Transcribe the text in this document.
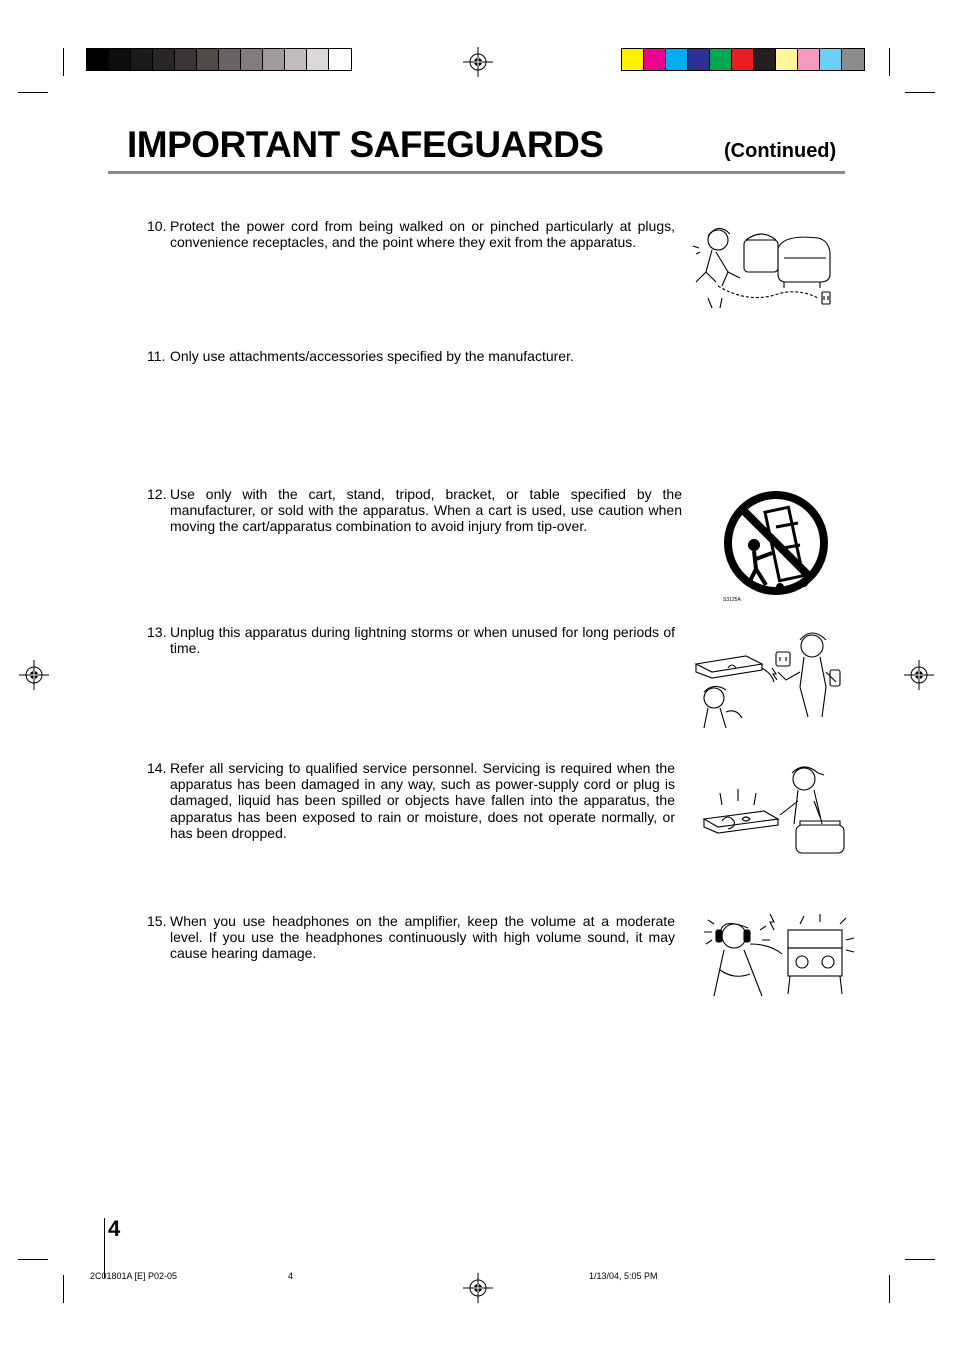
IMPORTANT SAFEGUARDS	(Continued)
10. Protect the power cord from being walked on or pinched particularly at plugs, convenience receptacles, and the point where they exit from the apparatus.
11. Only use attachments/accessories specified by the manufacturer.
12. Use only with the cart, stand, tripod, bracket, or table specified by the manufacturer, or sold with the apparatus. When a cart is used, use caution when moving the cart/apparatus combination to avoid injury from tip-over.
13. Unplug this apparatus during lightning storms or when unused for long periods of time.
14. Refer all servicing to qualified service personnel. Servicing is required when the apparatus has been damaged in any way, such as power-supply cord or plug is damaged, liquid has been spilled or objects have fallen into the apparatus, the apparatus has been exposed to rain or moisture, does not operate normally, or has been dropped.
15. When you use headphones on the amplifier, keep the volume at a moderate level. If you use the headphones continuously with high volume sound, it may cause hearing damage.
S3125A
4
2C01801A [E] P02-05	4	1/13/04, 5:05 PM
